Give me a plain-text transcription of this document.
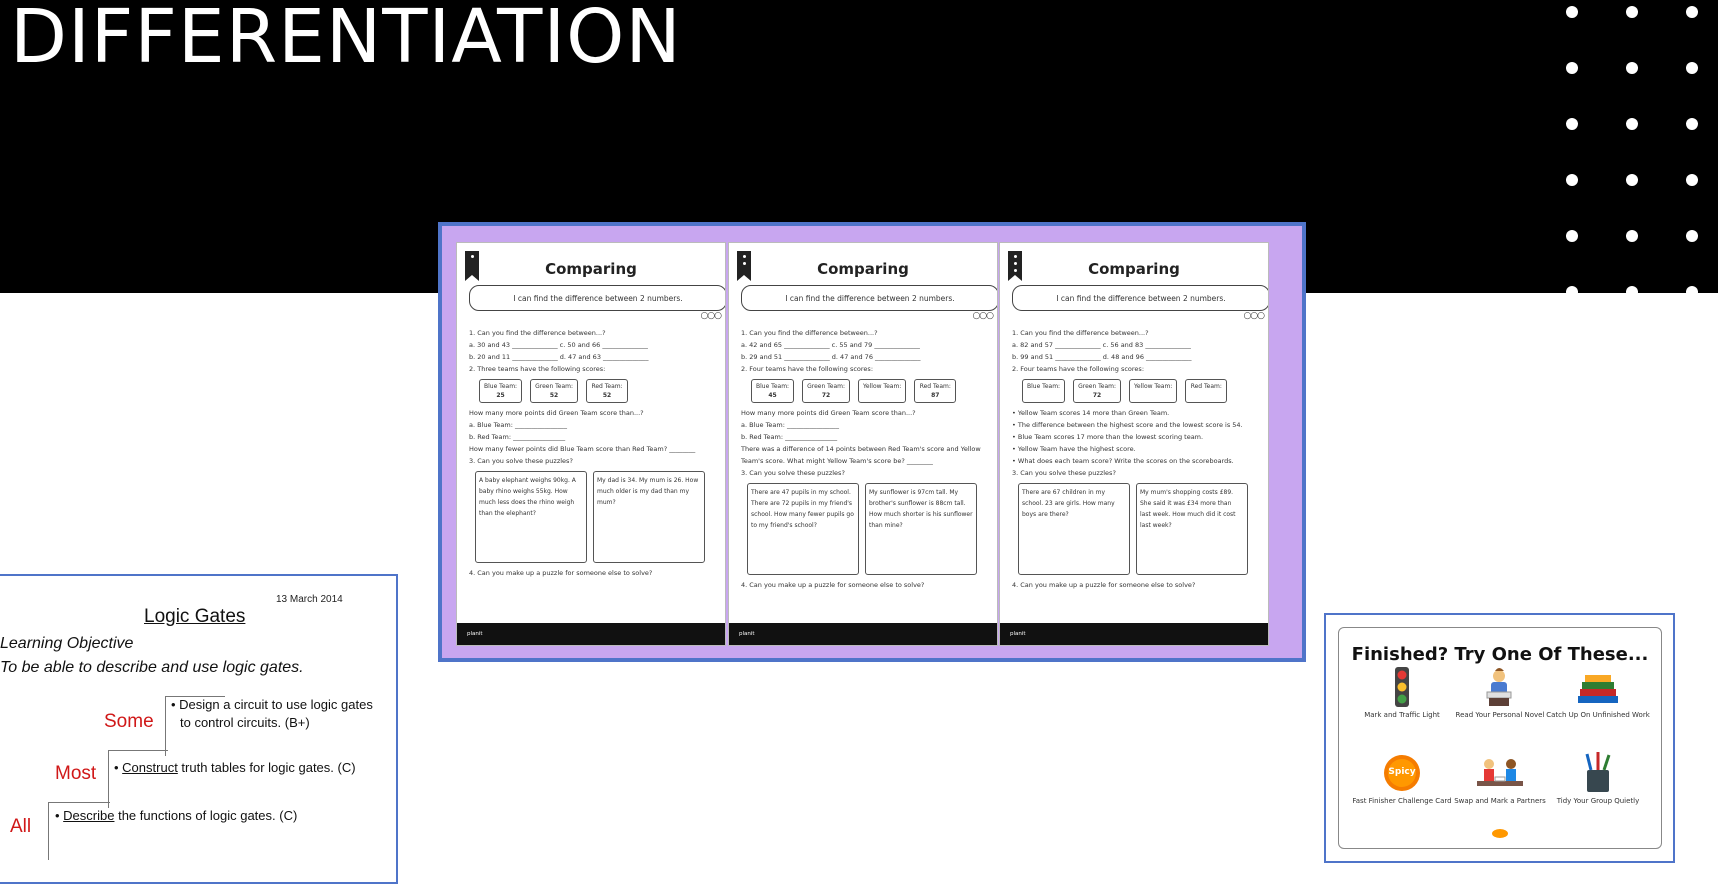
DIFFERENTIATION
Comparing
I can find the difference between 2 numbers.
○○○

1. Can you find the difference between...?

a. 30 and 43 ______________ c. 50 and 66 ______________

b. 20 and 11 ______________ d. 47 and 63 ______________

2. Three teams have the following scores:

Blue Team:
25
Green Team:
52
Red Team:
52

How many more points did Green Team score than...?

a. Blue Team: ________________

b. Red Team: ________________

How many fewer points did Blue Team score than Red Team? ________

3. Can you solve these puzzles?

A baby elephant weighs 90kg. A baby rhino weighs 55kg. How much less does the rhino weigh than the elephant?
My dad is 34. My mum is 26. How much older is my dad than my mum?

4. Can you make up a puzzle for someone else to solve?

planit
Comparing
I can find the difference between 2 numbers.
○○○

1. Can you find the difference between...?

a. 42 and 65 ______________ c. 55 and 79 ______________

b. 29 and 51 ______________ d. 47 and 76 ______________

2. Four teams have the following scores:

Blue Team:
45
Green Team:
72
Yellow Team:	Red Team:
87

How many more points did Green Team score than...?

a. Blue Team: ________________

b. Red Team: ________________

There was a difference of 14 points between Red Team's score and Yellow Team's score. What might Yellow Team's score be? ________

3. Can you solve these puzzles?

There are 47 pupils in my school. There are 72 pupils in my friend's school. How many fewer pupils go to my friend's school?
My sunflower is 97cm tall. My brother's sunflower is 88cm tall. How much shorter is his sunflower than mine?

4. Can you make up a puzzle for someone else to solve?

planit
Comparing
I can find the difference between 2 numbers.
○○○

1. Can you find the difference between...?

a. 82 and 57 ______________ c. 56 and 83 ______________

b. 99 and 51 ______________ d. 48 and 96 ______________

2. Four teams have the following scores:

Blue Team:	Green Team:
72
Yellow Team:	Red Team:

• Yellow Team scores 14 more than Green Team.

• The difference between the highest score and the lowest score is 54.

• Blue Team scores 17 more than the lowest scoring team.

• Yellow Team have the highest score.

• What does each team score? Write the scores on the scoreboards.

3. Can you solve these puzzles?

There are 67 children in my school. 23 are girls. How many boys are there?
My mum's shopping costs £89. She said it was £34 more than last week. How much did it cost last week?

4. Can you make up a puzzle for someone else to solve?

planit
13 March 2014
Logic Gates
Learning Objective
To be able to describe and use logic gates.
Some
Most
All
• Design a circuit to use logic gates
to control circuits. (B+)
• Construct truth tables for logic gates. (C)
• Describe the functions of logic gates. (C)
Finished? Try One Of These...
Mark and Traffic Light	Read Your Personal Novel Catch Up On Unfinished Work
Spicy
Fast Finisher Challenge Card Swap and Mark a Partners	Tidy Your Group Quietly
